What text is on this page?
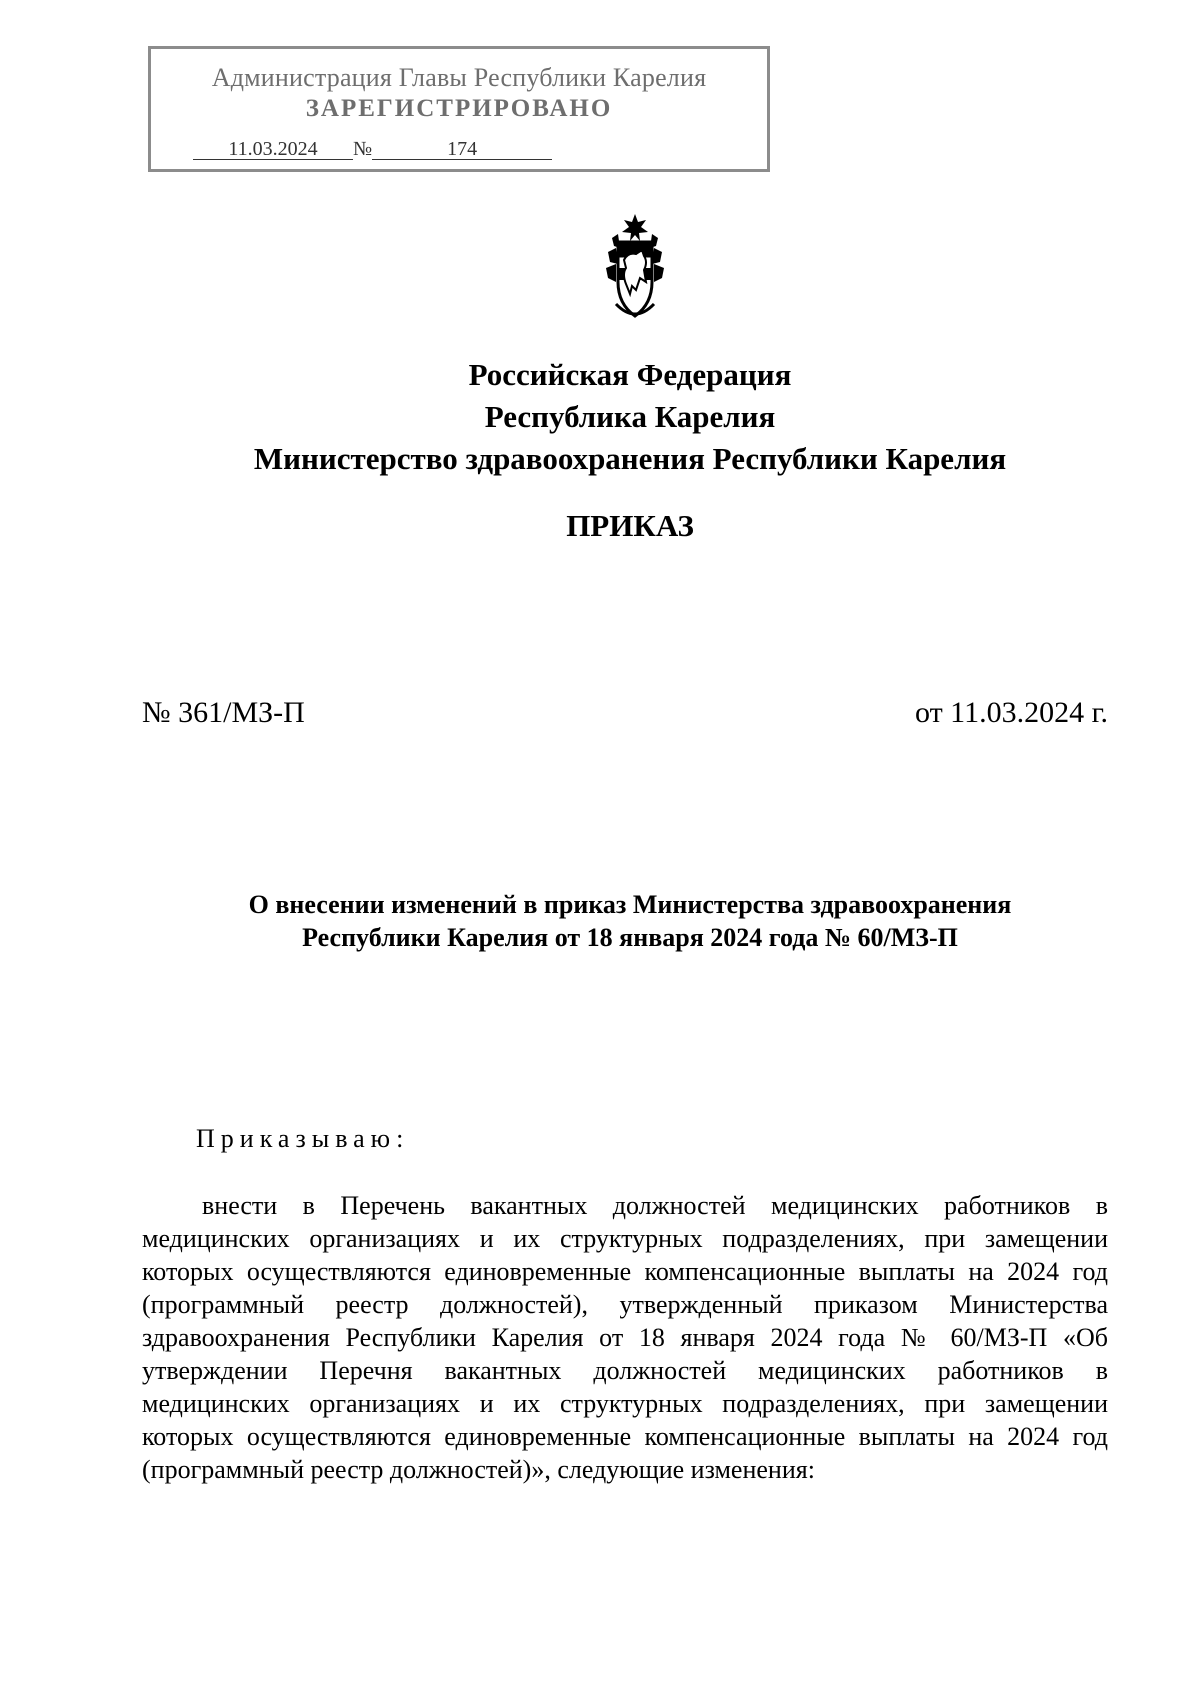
Администрация Главы Республики Карелия
ЗАРЕГИСТРИРОВАНО
11.03.2024 №	174
Российская Федерация
Республика Карелия
Министерство здравоохранения Республики Карелия
ПРИКАЗ
№ 361/МЗ-П	от 11.03.2024 г.
О внесении изменений в приказ Министерства здравоохранения
Республики Карелия от 18 января 2024 года № 60/МЗ-П
Приказываю:

внести в Перечень вакантных должностей медицинских работников в медицинских организациях и их структурных подразделениях, при замещении которых осуществляются единовременные компенсационные выплаты на 2024 год (программный реестр должностей), утвержденный приказом Министерства здравоохранения Республики Карелия от 18 января 2024 года № 60/МЗ-П «Об утверждении Перечня вакантных должностей медицинских работников в медицинских организациях и их структурных подразделениях, при замещении которых осуществляются единовременные компенсационные выплаты на 2024 год (программный реестр должностей)», следующие изменения:
